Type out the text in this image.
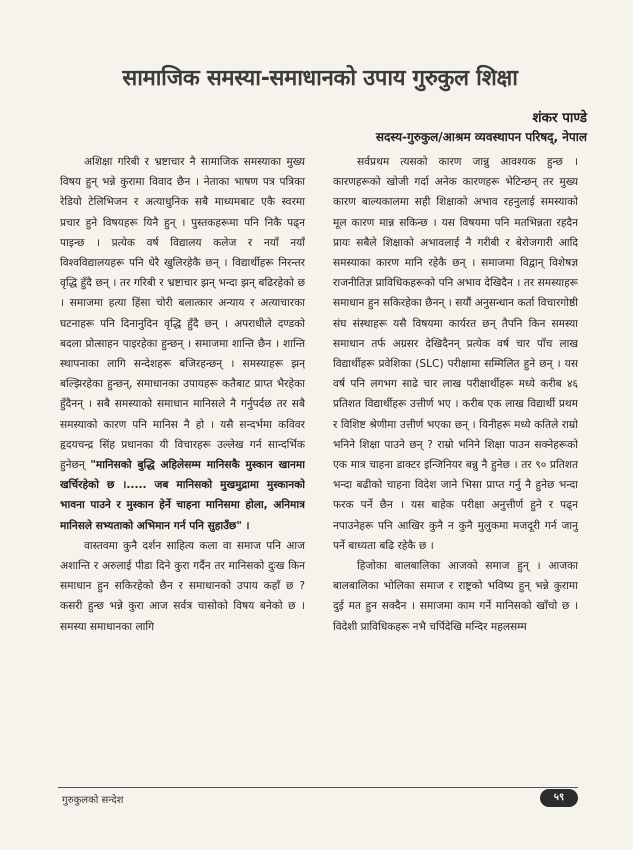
सामाजिक समस्या-समाधानको उपाय गुरुकुल शिक्षा
शंकर पाण्डे
सदस्य-गुरुकुल/आश्रम व्यवस्थापन परिषद्, नेपाल

अशिक्षा गरिबी र भ्रष्टाचार नै सामाजिक समस्याका मुख्य विषय हुन् भन्ने कुरामा विवाद छैन । नेताका भाषण पत्र पत्रिका रेडियो टेलिभिजन र अत्याधुनिक सबै माध्यमबाट एकै स्वरमा प्रचार हुने विषयहरू यिनै हुन् । पुस्तकहरूमा पनि निकै पढ्न पाइन्छ । प्रत्येक वर्ष विद्यालय कलेज र नयाँ नयाँ विश्वविद्यालयहरू पनि धेरै खुलिरहेकै छन् । विद्यार्थीहरू निरन्तर वृद्धि हुँदै छन् । तर गरिबी र भ्रष्टाचार झन् भन्दा झन् बढिरहेको छ । समाजमा हत्या हिंसा चोरी बलात्कार अन्याय र अत्याचारका घटनाहरू पनि दिनानुदिन वृद्धि हुँदै छन् । अपराधीले दण्डको बदला प्रोत्साहन पाइरहेका हुन्छन् । समाजमा शान्ति छैन । शान्ति स्थापनाका लागि सन्देशहरू बजिरहन्छन् । समस्याहरू झन् बल्झिरहेका हुन्छन्, समाधानका उपायहरू कतैबाट प्राप्त भैरहेका हुँदैनन् । सबै समस्याको समाधान मानिसले नै गर्नुपर्दछ तर सबै समस्याको कारण पनि मानिस नै हो । यसै सन्दर्भमा कविवर हृदयचन्द्र सिंह प्रधानका यी विचारहरू उल्लेख गर्न सान्दर्भिक हुनेछन् "मानिसको बुद्धि अहिलेसम्म मानिसकै मुस्कान खानमा खर्चिरहेको छ ।..... जब मानिसको मुखमुद्रामा मुस्कानको भावना पाउने र मुस्कान हेर्ने चाहना मानिसमा होला, अनिमात्र मानिसले सभ्यताको अभिमान गर्न पनि सुहाउँछ" ।

वास्तवमा कुनै दर्शन साहित्य कला वा समाज पनि आज अशान्ति र अरुलाई पीडा दिने कुरा गर्दैन तर मानिसको दुःख किन समाधान हुन सकिरहेको छैन र समाधानको उपाय कहाँ छ ? कसरी हुन्छ भन्ने कुरा आज सर्वत्र चासोको विषय बनेको छ । समस्या समाधानका लागि

सर्वप्रथम त्यसको कारण जान्नु आवश्यक हुन्छ । कारणहरूको खोजी गर्दा अनेक कारणहरू भेटिन्छन् तर मुख्य कारण बाल्यकालमा सही शिक्षाको अभाव रहनुलाई समस्याको मूल कारण मान्न सकिन्छ । यस विषयमा पनि मतभिन्नता रहदैन प्रायः सबैले शिक्षाको अभावलाई नै गरीबी र बेरोजगारी आदि समस्याका कारण मानि रहेकै छन् । समाजमा विद्वान् विशेषज्ञ राजनीतिज्ञ प्राविधिकहरूको पनि अभाव देखिदैन । तर समस्याहरू समाधान हुन सकिरहेका छैनन् । सयौं अनुसन्धान कर्ता विचारगोष्ठी संघ संस्थाहरू यसै विषयमा कार्यरत छन् तैपनि किन समस्या समाधान तर्फ अग्रसर देखिदैनन् प्रत्येक वर्ष चार पाँच लाख विद्यार्थीहरू प्रवेशिका (SLC) परीक्षामा सम्मिलित हुने छन् । यस वर्ष पनि लगभग साढे चार लाख परीक्षार्थीहरू मध्ये करीब ४६ प्रतिशत विद्यार्थीहरू उत्तीर्ण भए । करीब एक लाख विद्यार्थी प्रथम र विशिष्ट श्रेणीमा उत्तीर्ण भएका छन् । यिनीहरू मध्ये कतिले राम्रो भनिने शिक्षा पाउने छन् ? राम्रो भनिने शिक्षा पाउन सक्नेहरूको एक मात्र चाहना डाक्टर इन्जिनियर बन्नु नै हुनेछ । तर ९० प्रतिशत भन्दा बढीको चाहना विदेश जाने भिसा प्राप्त गर्नु नै हुनेछ भन्दा फरक पर्ने छैन । यस बाहेक परीक्षा अनुत्तीर्ण हुने र पढ्न नपाउनेहरू पनि आखिर कुनै न कुनै मुलुकमा मजदूरी गर्न जानु पर्ने बाध्यता बढि रहेकै छ ।

हिजोका बालबालिका आजको समाज हुन् । आजका बालबालिका भोलिका समाज र राष्ट्रको भविष्य हुन् भन्ने कुरामा दुई मत हुन सक्दैन । समाजमा काम गर्ने मानिसको खाँचो छ । विदेशी प्राविधिकहरू नभै चर्पिदेखि मन्दिर महलसम्म

गुरुकुलको सन्देश	५९
